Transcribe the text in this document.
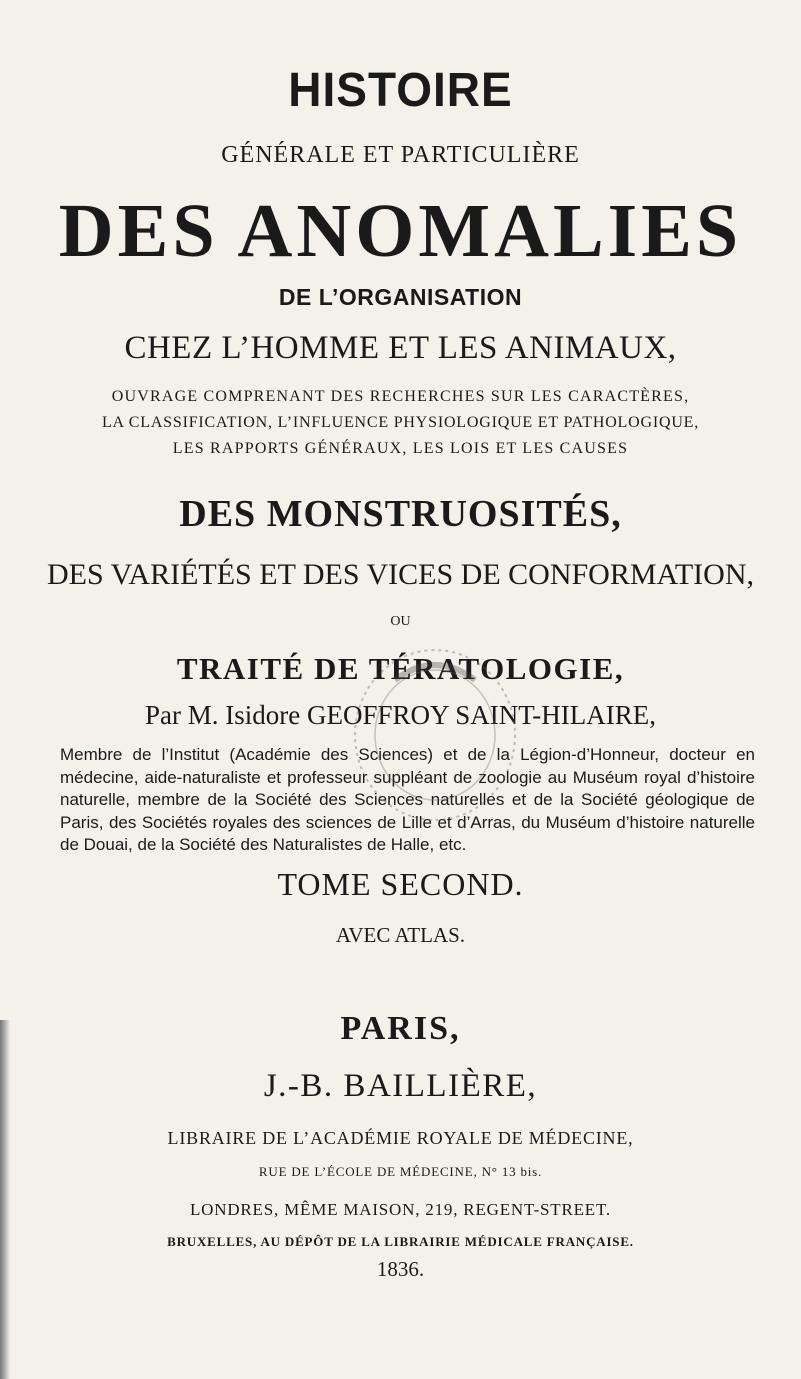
HISTOIRE

GÉNÉRALE ET PARTICULIÈRE

DES ANOMALIES

DE L’ORGANISATION

CHEZ L’HOMME ET LES ANIMAUX,

OUVRAGE COMPRENANT DES RECHERCHES SUR LES CARACTÈRES,

LA CLASSIFICATION, L’INFLUENCE PHYSIOLOGIQUE ET PATHOLOGIQUE,

LES RAPPORTS GÉNÉRAUX, LES LOIS ET LES CAUSES

DES MONSTRUOSITÉS,

DES VARIÉTÉS ET DES VICES DE CONFORMATION,

OU

TRAITÉ DE TÉRATOLOGIE,

Par M. Isidore GEOFFROY SAINT-HILAIRE,

Membre de l’Institut (Académie des Sciences) et de la Légion-d’Honneur, docteur en médecine, aide-naturaliste et professeur suppléant de zoologie au Muséum royal d’histoire naturelle, membre de la Société des Sciences naturelles et de la Société géologique de Paris, des Sociétés royales des sciences de Lille et d’Arras, du Muséum d’histoire naturelle de Douai, de la Société des Naturalistes de Halle, etc.

TOME SECOND.

AVEC ATLAS.

PARIS,

J.-B. BAILLIÈRE,

LIBRAIRE DE L’ACADÉMIE ROYALE DE MÉDECINE,

RUE DE L’ÉCOLE DE MÉDECINE, N° 13 bis.

LONDRES, MÊME MAISON, 219, REGENT-STREET.

BRUXELLES, AU DÉPÔT DE LA LIBRAIRIE MÉDICALE FRANÇAISE.

1836.
